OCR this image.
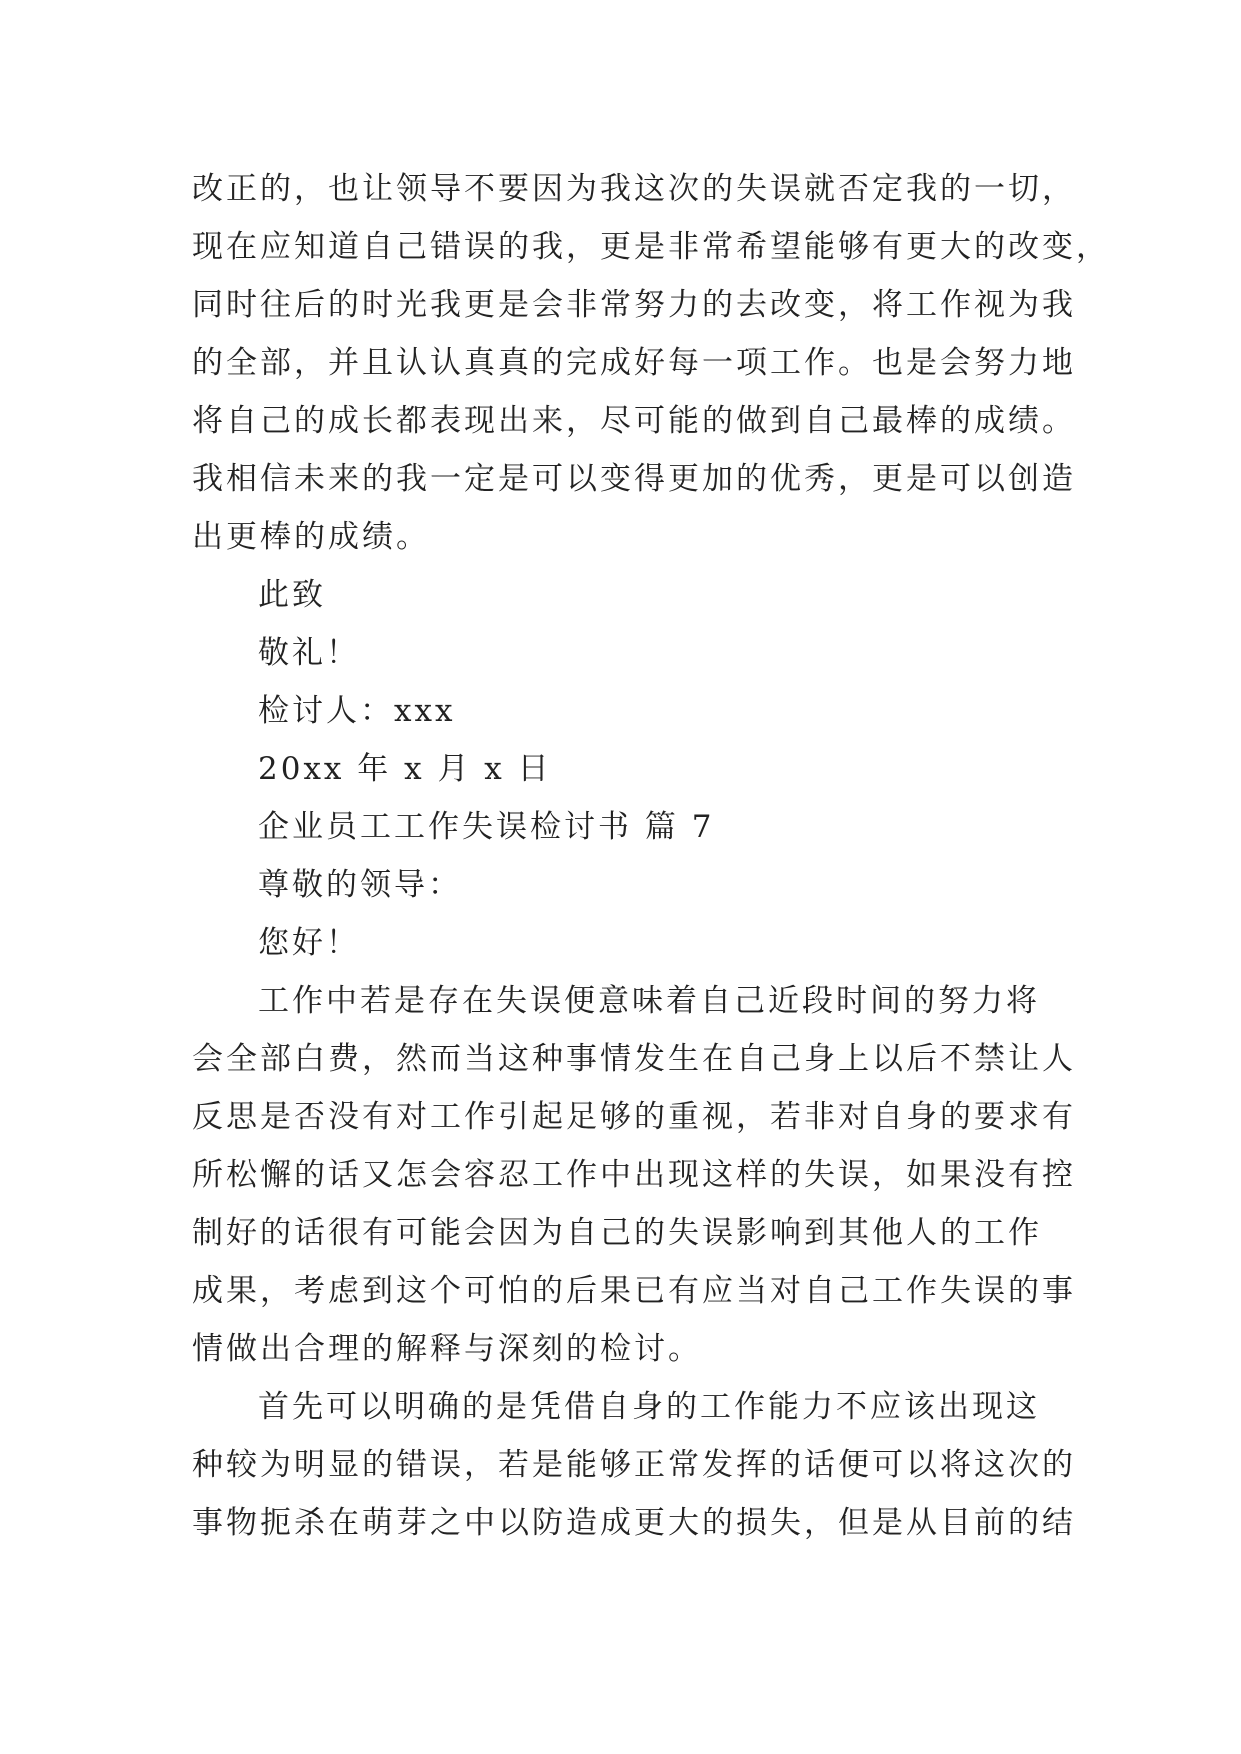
改正的，也让领导不要因为我这次的失误就否定我的一切，
现在应知道自己错误的我，更是非常希望能够有更大的改变，
同时往后的时光我更是会非常努力的去改变，将工作视为我
的全部，并且认认真真的完成好每一项工作。也是会努力地
将自己的成长都表现出来，尽可能的做到自己最棒的成绩。
我相信未来的我一定是可以变得更加的优秀，更是可以创造
出更棒的成绩。
此致
敬礼！
检讨人：xxx
20xx 年 x 月 x 日
企业员工工作失误检讨书 篇 7
尊敬的领导：
您好！
工作中若是存在失误便意味着自己近段时间的努力将
会全部白费，然而当这种事情发生在自己身上以后不禁让人
反思是否没有对工作引起足够的重视，若非对自身的要求有
所松懈的话又怎会容忍工作中出现这样的失误，如果没有控
制好的话很有可能会因为自己的失误影响到其他人的工作
成果，考虑到这个可怕的后果已有应当对自己工作失误的事
情做出合理的解释与深刻的检讨。
首先可以明确的是凭借自身的工作能力不应该出现这
种较为明显的错误，若是能够正常发挥的话便可以将这次的
事物扼杀在萌芽之中以防造成更大的损失，但是从目前的结
